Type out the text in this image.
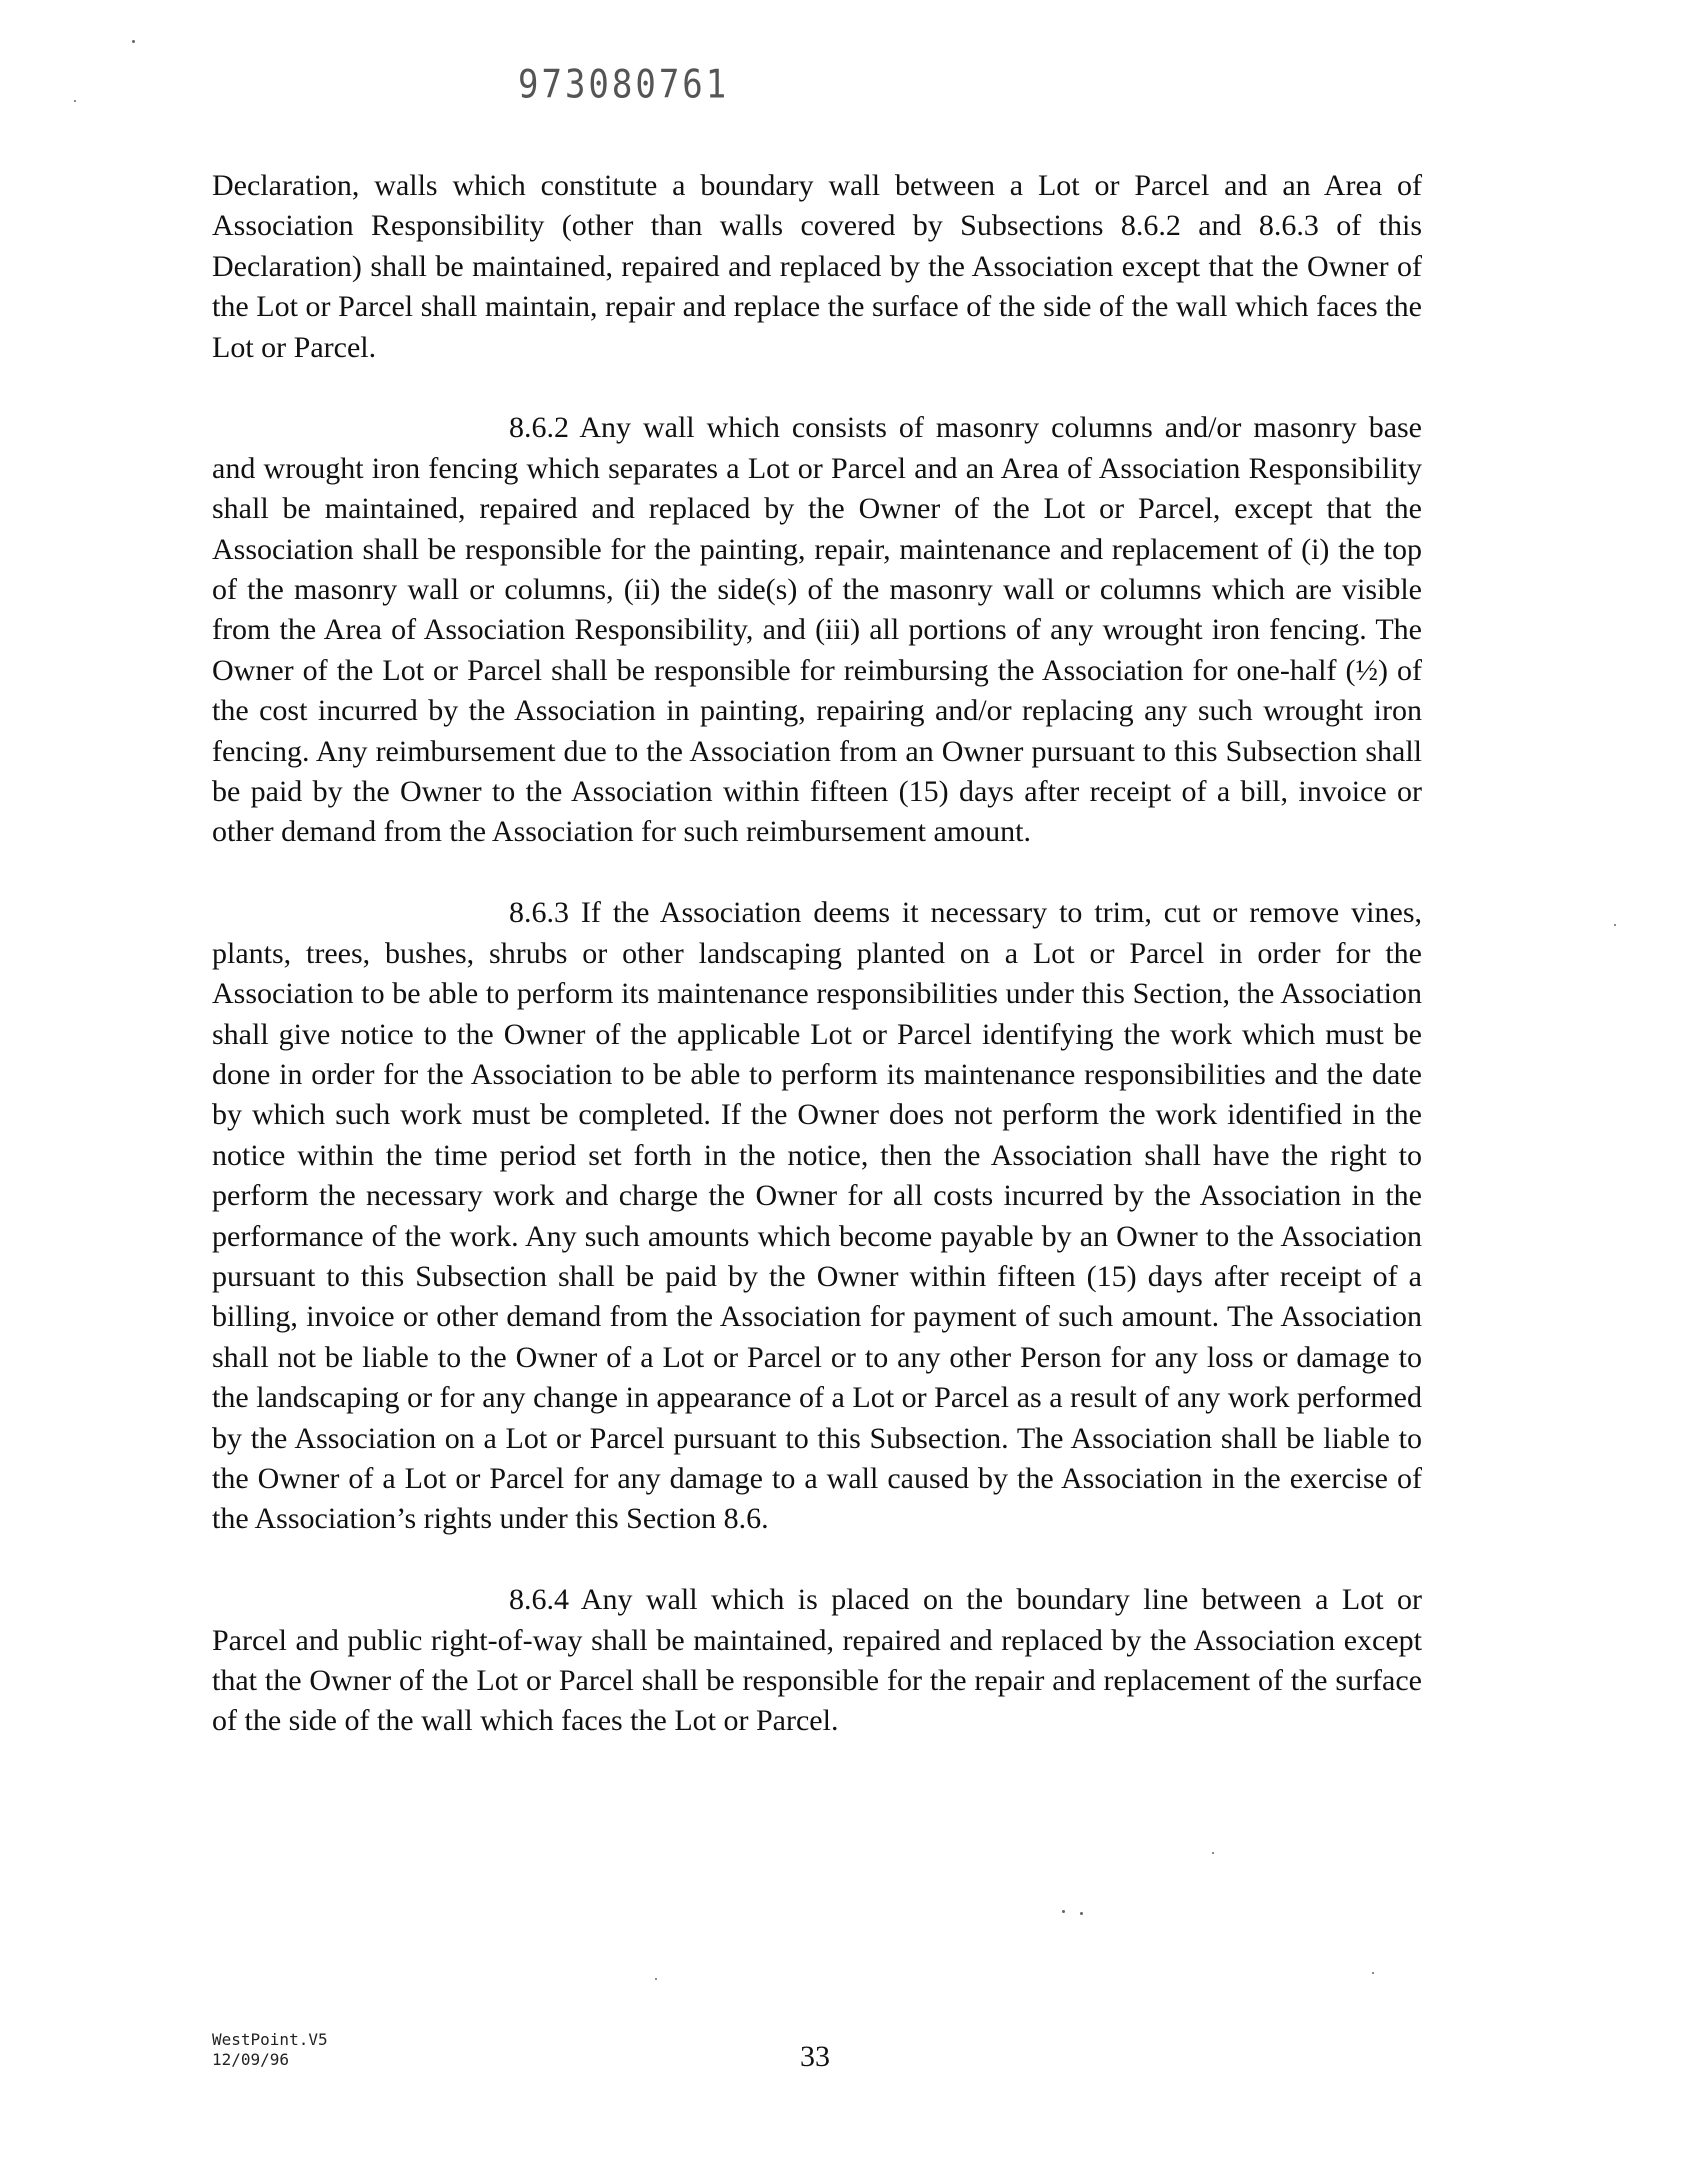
973080761

Declaration, walls which constitute a boundary wall between a Lot or Parcel and an Area of Association Responsibility (other than walls covered by Subsections 8.6.2 and 8.6.3 of this Declaration) shall be maintained, repaired and replaced by the Association except that the Owner of the Lot or Parcel shall maintain, repair and replace the surface of the side of the wall which faces the Lot or Parcel.

8.6.2 Any wall which consists of masonry columns and/or masonry base and wrought iron fencing which separates a Lot or Parcel and an Area of Association Responsibility shall be maintained, repaired and replaced by the Owner of the Lot or Parcel, except that the Association shall be responsible for the painting, repair, maintenance and replacement of (i) the top of the masonry wall or columns, (ii) the side(s) of the masonry wall or columns which are visible from the Area of Association Responsibility, and (iii) all portions of any wrought iron fencing. The Owner of the Lot or Parcel shall be responsible for reimbursing the Association for one-half (½) of the cost incurred by the Association in painting, repairing and/or replacing any such wrought iron fencing. Any reimbursement due to the Association from an Owner pursuant to this Subsection shall be paid by the Owner to the Association within fifteen (15) days after receipt of a bill, invoice or other demand from the Association for such reimbursement amount.

8.6.3 If the Association deems it necessary to trim, cut or remove vines, plants, trees, bushes, shrubs or other landscaping planted on a Lot or Parcel in order for the Association to be able to perform its maintenance responsibilities under this Section, the Association shall give notice to the Owner of the applicable Lot or Parcel identifying the work which must be done in order for the Association to be able to perform its maintenance responsibilities and the date by which such work must be completed. If the Owner does not perform the work identified in the notice within the time period set forth in the notice, then the Association shall have the right to perform the necessary work and charge the Owner for all costs incurred by the Association in the performance of the work. Any such amounts which become payable by an Owner to the Association pursuant to this Subsection shall be paid by the Owner within fifteen (15) days after receipt of a billing, invoice or other demand from the Association for payment of such amount. The Association shall not be liable to the Owner of a Lot or Parcel or to any other Person for any loss or damage to the landscaping or for any change in appearance of a Lot or Parcel as a result of any work performed by the Association on a Lot or Parcel pursuant to this Subsection. The Association shall be liable to the Owner of a Lot or Parcel for any damage to a wall caused by the Association in the exercise of the Association’s rights under this Section 8.6.

8.6.4 Any wall which is placed on the boundary line between a Lot or Parcel and public right-of-way shall be maintained, repaired and replaced by the Association except that the Owner of the Lot or Parcel shall be responsible for the repair and replacement of the surface of the side of the wall which faces the Lot or Parcel.

WestPoint.V5
12/09/96	33
